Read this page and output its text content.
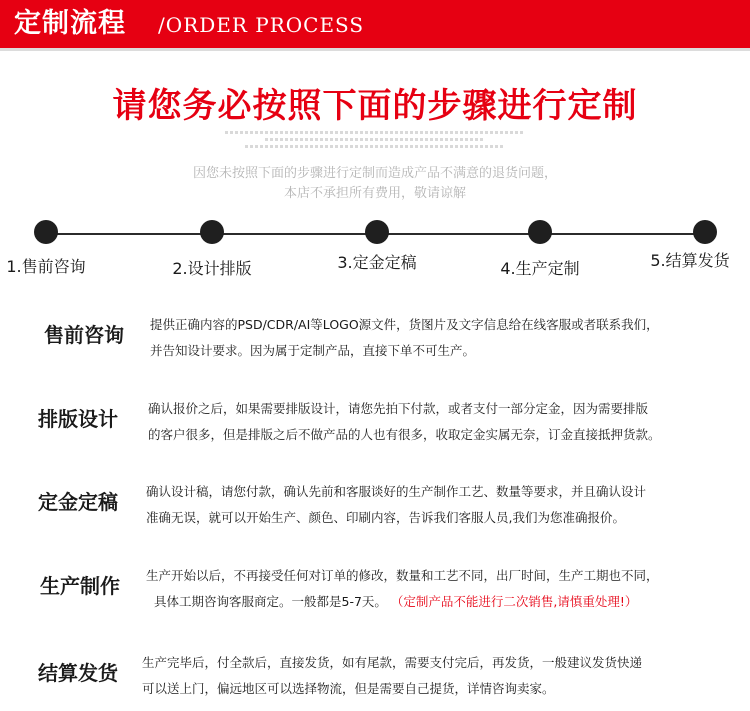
定制流程 /ORDER PROCESS
请您务必按照下面的步骤进行定制
因您未按照下面的步骤进行定制而造成产品不满意的退货问题，
本店不承担所有费用，敬请谅解
1.售前咨询	2.设计排版	3.定金定稿	4.生产定制	5.结算发货
售前咨询	提供正确内容的PSD/CDR/AI等LOGO源文件，货图片及文字信息给在线客服或者联系我们，
并告知设计要求。因为属于定制产品，直接下单不可生产。
排版设计	确认报价之后，如果需要排版设计，请您先拍下付款，或者支付一部分定金，因为需要排版
的客户很多，但是排版之后不做产品的人也有很多，收取定金实属无奈，订金直接抵押货款。
定金定稿	确认设计稿，请您付款，确认先前和客服谈好的生产制作工艺、数量等要求，并且确认设计
准确无误，就可以开始生产、颜色、印刷内容，告诉我们客服人员,我们为您准确报价。
生产制作	生产开始以后，不再接受任何对订单的修改，数量和工艺不同，出厂时间，生产工期也不同，
具体工期咨询客服商定。一般都是5-7天。 （定制产品不能进行二次销售,请慎重处理!）
结算发货	生产完毕后，付全款后，直接发货，如有尾款，需要支付完后，再发货，一般建议发货快递
可以送上门，偏远地区可以选择物流，但是需要自己提货，详情咨询卖家。
